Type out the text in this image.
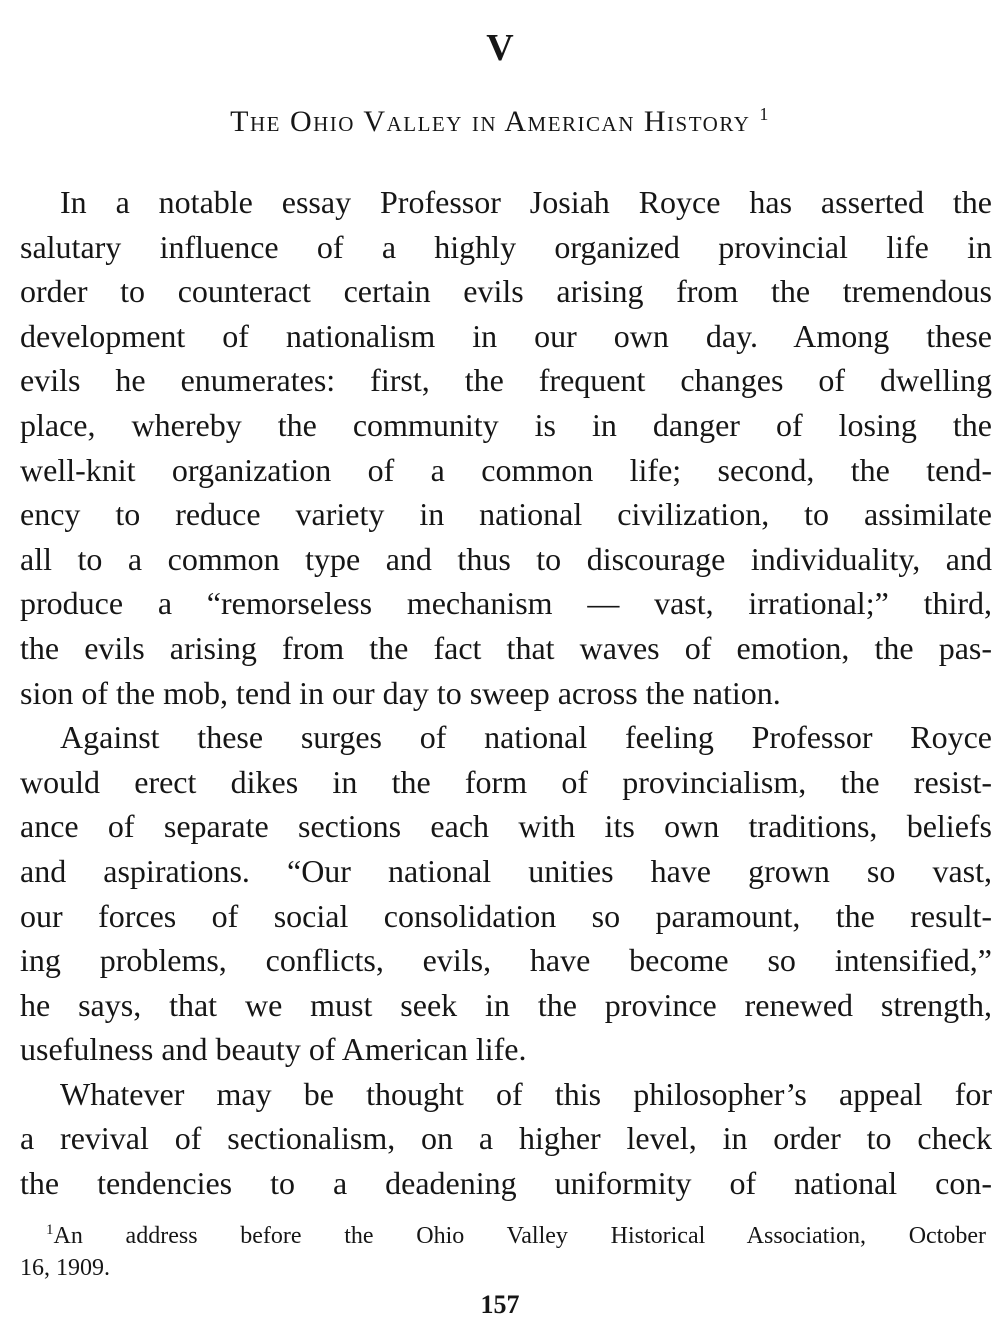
V
The Ohio Valley in American History $^1$
In a notable essay Professor Josiah Royce has asserted the
salutary influence of a highly organized provincial life in
order to counteract certain evils arising from the tremendous
development of nationalism in our own day. Among these
evils he enumerates: first, the frequent changes of dwelling
place, whereby the community is in danger of losing the
well-knit organization of a common life; second, the tend-
ency to reduce variety in national civilization, to assimilate
all to a common type and thus to discourage individuality, and
produce a “remorseless mechanism — vast, irrational;” third,
the evils arising from the fact that waves of emotion, the pas-
sion of the mob, tend in our day to sweep across the nation.
Against these surges of national feeling Professor Royce
would erect dikes in the form of provincialism, the resist-
ance of separate sections each with its own traditions, beliefs
and aspirations. “Our national unities have grown so vast,
our forces of social consolidation so paramount, the result-
ing problems, conflicts, evils, have become so intensified,”
he says, that we must seek in the province renewed strength,
usefulness and beauty of American life.
Whatever may be thought of this philosopher’s appeal for
a revival of sectionalism, on a higher level, in order to check
the tendencies to a deadening uniformity of national con-
$^1$An address before the Ohio Valley Historical Association, October
16, 1909.
157
